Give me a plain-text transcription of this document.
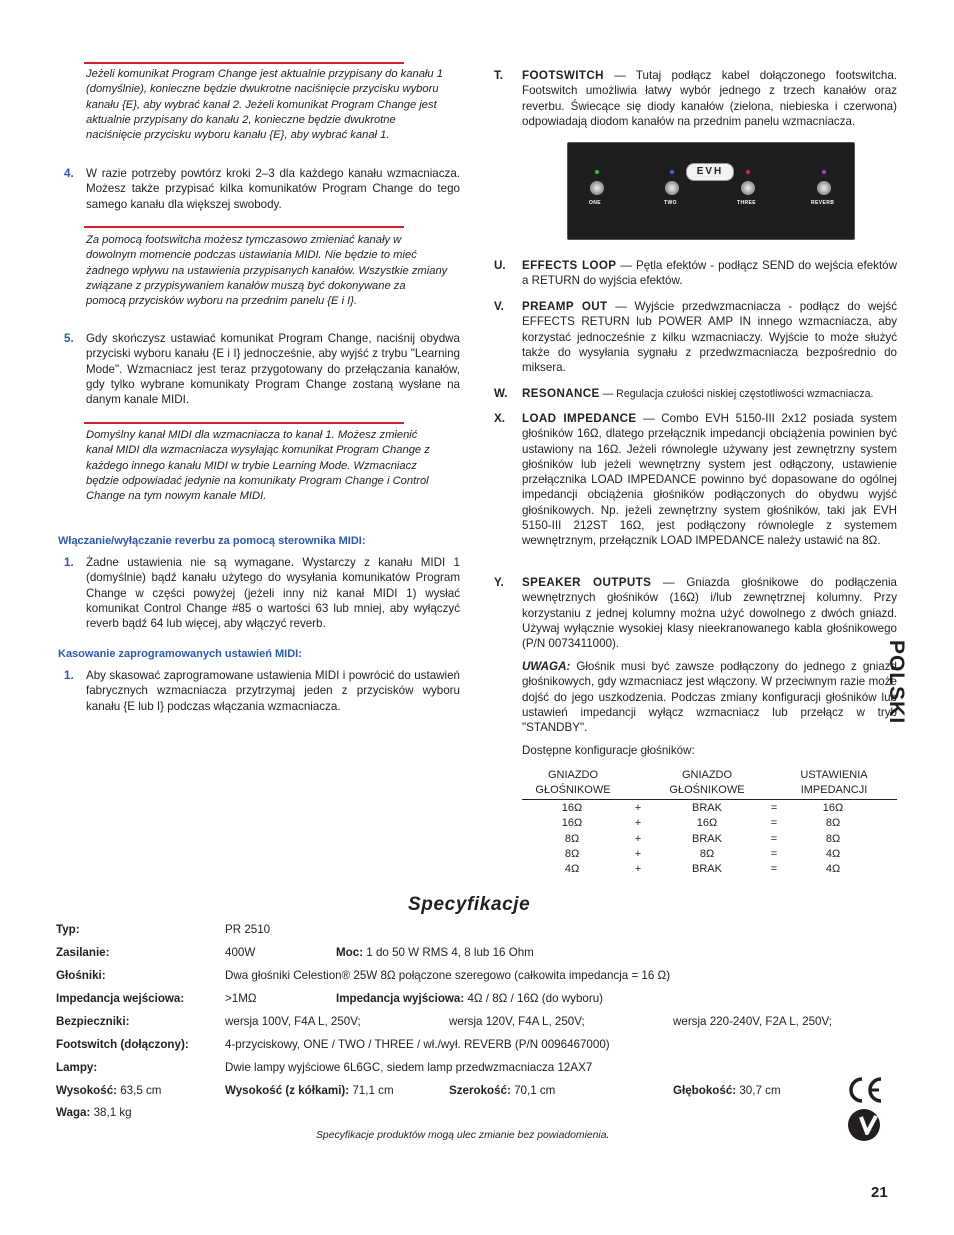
Jeżeli komunikat Program Change jest aktualnie przypisany do kanału 1 (domyślnie), konieczne będzie dwukrotne naciśnięcie przycisku wyboru kanału {E}, aby wybrać kanał 2. Jeżeli komunikat Program Change jest aktualnie przypisany do kanału 2, konieczne będzie dwukrotne naciśnięcie przycisku wyboru kanału {E}, aby wybrać kanał 1.
4. W razie potrzeby powtórz kroki 2–3 dla każdego kanału wzmacniacza. Możesz także przypisać kilka komunikatów Program Change do tego samego kanału dla większej swobody.
Za pomocą footswitcha możesz tymczasowo zmieniać kanały w dowolnym momencie podczas ustawiania MIDI. Nie będzie to mieć żadnego wpływu na ustawienia przypisanych kanałów. Wszystkie zmiany związane z przypisywaniem kanałów muszą być dokonywane za pomocą przycisków wyboru na przednim panelu {E i I}.
5. Gdy skończysz ustawiać komunikat Program Change, naciśnij obydwa przyciski wyboru kanału {E i I} jednocześnie, aby wyjść z trybu "Learning Mode". Wzmacniacz jest teraz przygotowany do przełączania kanałów, gdy tylko wybrane komunikaty Program Change zostaną wysłane na danym kanale MIDI.
Domyślny kanał MIDI dla wzmacniacza to kanał 1. Możesz zmienić kanał MIDI dla wzmacniacza wysyłając komunikat Program Change z każdego innego kanału MIDI w trybie Learning Mode. Wzmacniacz będzie odpowiadać jedynie na komunikaty Program Change i Control Change na tym nowym kanale MIDI.
Włączanie/wyłączanie reverbu za pomocą sterownika MIDI:
1. Żadne ustawienia nie są wymagane. Wystarczy z kanału MIDI 1 (domyślnie) bądź kanału użytego do wysyłania komunikatów Program Change w części powyżej (jeżeli inny niż kanał MIDI 1) wysłać komunikat Control Change #85 o wartości 63 lub mniej, aby wyłączyć reverb bądź 64 lub więcej, aby włączyć reverb.
Kasowanie zaprogramowanych ustawień MIDI:
1. Aby skasować zaprogramowane ustawienia MIDI i powrócić do ustawień fabrycznych wzmacniacza przytrzymaj jeden z przycisków wyboru kanału {E lub I} podczas włączania wzmacniacza.
T. FOOTSWITCH — Tutaj podłącz kabel dołączonego footswitcha. Footswitch umożliwia łatwy wybór jednego z trzech kanałów oraz reverbu. Świecące się diody kanałów (zielona, niebieska i czerwona) odpowiadają diodom kanałów na przednim panelu wzmacniacza.
EVH
ONE	TWO	THREE	REVERB
U. EFFECTS LOOP — Pętla efektów - podłącz SEND do wejścia efektów a RETURN do wyjścia efektów.
V. PREAMP OUT — Wyjście przedwzmacniacza - podłącz do wejść EFFECTS RETURN lub POWER AMP IN innego wzmacniacza, aby korzystać jednocześnie z kilku wzmacniaczy. Wyjście to może służyć także do wysyłania sygnału z przedwzmacniacza bezpośrednio do miksera.
W. RESONANCE — Regulacja czułości niskiej częstotliwości wzmacniacza.
X. LOAD IMPEDANCE — Combo EVH 5150-III 2x12 posiada system głośników 16Ω, dlatego przełącznik impedancji obciążenia powinien być ustawiony na 16Ω. Jeżeli równolegle używany jest zewnętrzny system głośników lub jeżeli wewnętrzny system jest odłączony, ustawienie przełącznika LOAD IMPEDANCE powinno być dopasowane do ogólnej impedancji obciążenia głośników podłączonych do obydwu wyjść głośnikowych. Np. jeżeli zewnętrzny system głośników, taki jak EVH 5150-III 212ST 16Ω, jest podłączony równolegle z systemem wewnętrznym, przełącznik LOAD IMPEDANCE należy ustawić na 8Ω.
Y. SPEAKER OUTPUTS — Gniazda głośnikowe do podłączenia wewnętrznych głośników (16Ω) i/lub zewnętrznej kolumny. Przy korzystaniu z jednej kolumny można użyć dowolnego z dwóch gniazd. Używaj wyłącznie wysokiej klasy nieekranowanego kabla głośnikowego (P/N 0073411000).
UWAGA: Głośnik musi być zawsze podłączony do jednego z gniazd głośnikowych, gdy wzmacniacz jest włączony. W przeciwnym razie może dojść do jego uszkodzenia. Podczas zmiany konfiguracji głośników lub ustawień impedancji wyłącz wzmacniacz lub przełącz w tryb "STANDBY".
Dostępne konfiguracje głośników:
GNIAZDO GŁOŚNIKOWE
GNIAZDO GŁOŚNIKOWE
USTAWIENIA IMPEDANCJI
16Ω	+	BRAK	=	16Ω
16Ω	+	16Ω	=	8Ω
8Ω	+	BRAK	=	8Ω
8Ω	+	8Ω	=	4Ω
4Ω	+	BRAK	=	4Ω
Specyfikacje
Typ:	PR 2510
Zasilanie:	400W	Moc: 1 do 50 W RMS 4, 8 lub 16 Ohm
Głośniki:	Dwa głośniki Celestion® 25W 8Ω połączone szeregowo (całkowita impedancja = 16 Ω)
Impedancja wejściowa:	>1MΩ	Impedancja wyjściowa: 4Ω / 8Ω / 16Ω (do wyboru)
Bezpieczniki:	wersja 100V, F4A L, 250V;	wersja 120V, F4A L, 250V;	wersja 220-240V, F2A L, 250V;
Footswitch (dołączony):	4-przyciskowy, ONE / TWO / THREE / wł./wył. REVERB (P/N 0096467000)
Lampy:	Dwie lampy wyjściowe 6L6GC, siedem lamp przedwzmacniacza 12AX7
Wysokość: 63,5 cm	Wysokość (z kółkami): 71,1 cm	Szerokość: 70,1 cm	Głębokość: 30,7 cm
Waga: 38,1 kg
Specyfikacje produktów mogą ulec zmianie bez powiadomienia.
POLSKI
21
